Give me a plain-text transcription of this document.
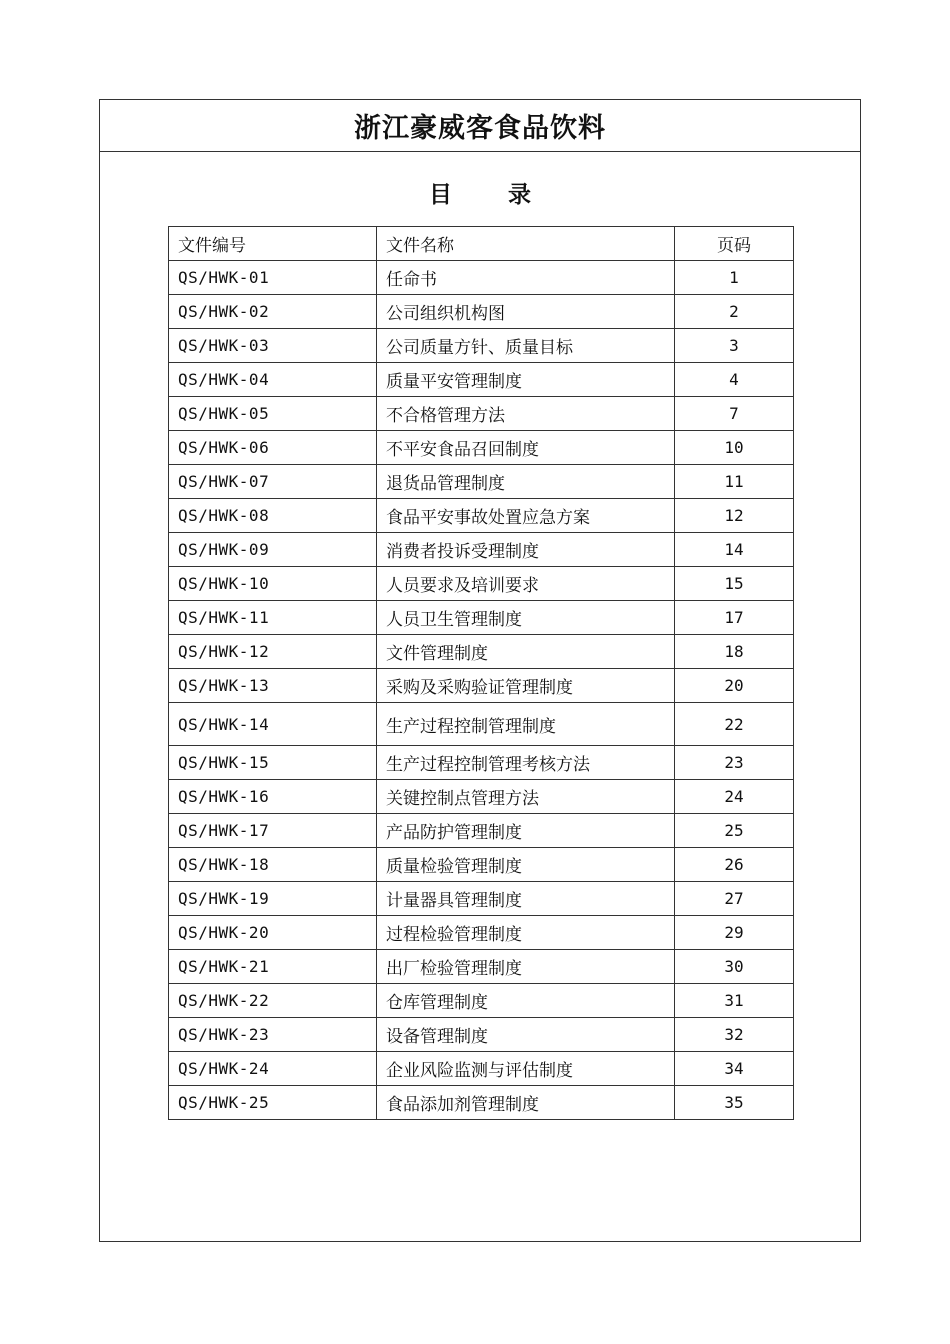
浙江豪威客食品饮料
目 录
文件编号	文件名称	页码
QS/HWK-01	任命书	1
QS/HWK-02	公司组织机构图	2
QS/HWK-03	公司质量方针、质量目标	3
QS/HWK-04	质量平安管理制度	4
QS/HWK-05	不合格管理方法	7
QS/HWK-06	不平安食品召回制度	10
QS/HWK-07	退货品管理制度	11
QS/HWK-08	食品平安事故处置应急方案	12
QS/HWK-09	消费者投诉受理制度	14
QS/HWK-10	人员要求及培训要求	15
QS/HWK-11	人员卫生管理制度	17
QS/HWK-12	文件管理制度	18
QS/HWK-13	采购及采购验证管理制度	20
QS/HWK-14	生产过程控制管理制度	22
QS/HWK-15	生产过程控制管理考核方法	23
QS/HWK-16	关键控制点管理方法	24
QS/HWK-17	产品防护管理制度	25
QS/HWK-18	质量检验管理制度	26
QS/HWK-19	计量器具管理制度	27
QS/HWK-20	过程检验管理制度	29
QS/HWK-21	出厂检验管理制度	30
QS/HWK-22	仓库管理制度	31
QS/HWK-23	设备管理制度	32
QS/HWK-24	企业风险监测与评估制度	34
QS/HWK-25	食品添加剂管理制度	35
